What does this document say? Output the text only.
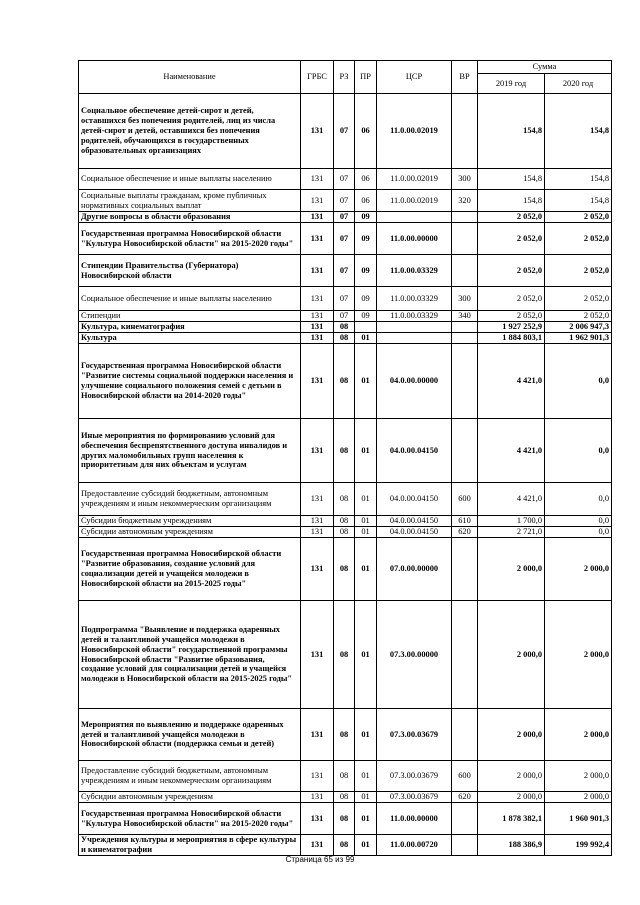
Наименование	ГРБС	РЗ	ПР	ЦСР	ВР	Сумма	
						2019 год	2020 год
Социальное обеспечение детей-сирот и детей, оставшихся без попечения родителей, лиц из числа детей-сирот и детей, оставшихся без попечения родителей, обучающихся в государственных образовательных организациях	131	07	06	11.0.00.02019		154,8	154,8
Социальное обеспечение и иные выплаты населению	131	07	06	11.0.00.02019	300	154,8	154,8
Социальные выплаты гражданам, кроме публичных нормативных социальных выплат	131	07	06	11.0.00.02019	320	154,8	154,8
Другие вопросы в области образования	131	07	09			2 052,0	2 052,0
Государственная программа Новосибирской области "Культура Новосибирской области" на 2015-2020 годы"	131	07	09	11.0.00.00000		2 052,0	2 052,0
Стипендии Правительства (Губернатора) Новосибирской области	131	07	09	11.0.00.03329		2 052,0	2 052,0
Социальное обеспечение и иные выплаты населению	131	07	09	11.0.00.03329	300	2 052,0	2 052,0
Стипендии	131	07	09	11.0.00.03329	340	2 052,0	2 052,0
Культура, кинематография	131	08				1 927 252,9	2 006 947,3
Культура	131	08	01			1 884 803,1	1 962 901,3
Государственная программа Новосибирской области "Развитие системы социальной поддержки населения и улучшение социального положения семей с детьми в Новосибирской области на 2014-2020 годы"	131	08	01	04.0.00.00000		4 421,0	0,0
Иные мероприятия по формированию условий для обеспечения беспрепятственного доступа инвалидов и других маломобильных групп населения к приоритетным для них объектам и услугам	131	08	01	04.0.00.04150		4 421,0	0,0
Предоставление субсидий бюджетным, автономным учреждениям и иным некоммерческим организациям	131	08	01	04.0.00.04150	600	4 421,0	0,0
Субсидии бюджетным учреждениям	131	08	01	04.0.00.04150	610	1 700,0	0,0
Субсидии автономным учреждениям	131	08	01	04.0.00.04150	620	2 721,0	0,0
Государственная программа Новосибирской области "Развитие образования, создание условий для социализации детей и учащейся молодежи в Новосибирской области на 2015-2025 годы"	131	08	01	07.0.00.00000		2 000,0	2 000,0
Подпрограмма "Выявление и поддержка одаренных детей и талантливой учащейся молодежи в Новосибирской области" государственной программы Новосибирской области "Развитие образования, создание условий для социализации детей и учащейся молодежи в Новосибирской области на 2015-2025 годы"	131	08	01	07.3.00.00000		2 000,0	2 000,0
Мероприятия по выявлению и поддержке одаренных детей и талантливой учащейся молодежи в Новосибирской области (поддержка семьи и детей)	131	08	01	07.3.00.03679		2 000,0	2 000,0
Предоставление субсидий бюджетным, автономным учреждениям и иным некоммерческим организациям	131	08	01	07.3.00.03679	600	2 000,0	2 000,0
Субсидии автономным учреждениям	131	08	01	07.3.00.03679	620	2 000,0	2 000,0
Государственная программа Новосибирской области "Культура Новосибирской области" на 2015-2020 годы"	131	08	01	11.0.00.00000		1 878 382,1	1 960 901,3
Учреждения культуры и мероприятия в сфере культуры и кинематографии	131	08	01	11.0.00.00720		188 386,9	199 992,4
Страница 65 из 99
